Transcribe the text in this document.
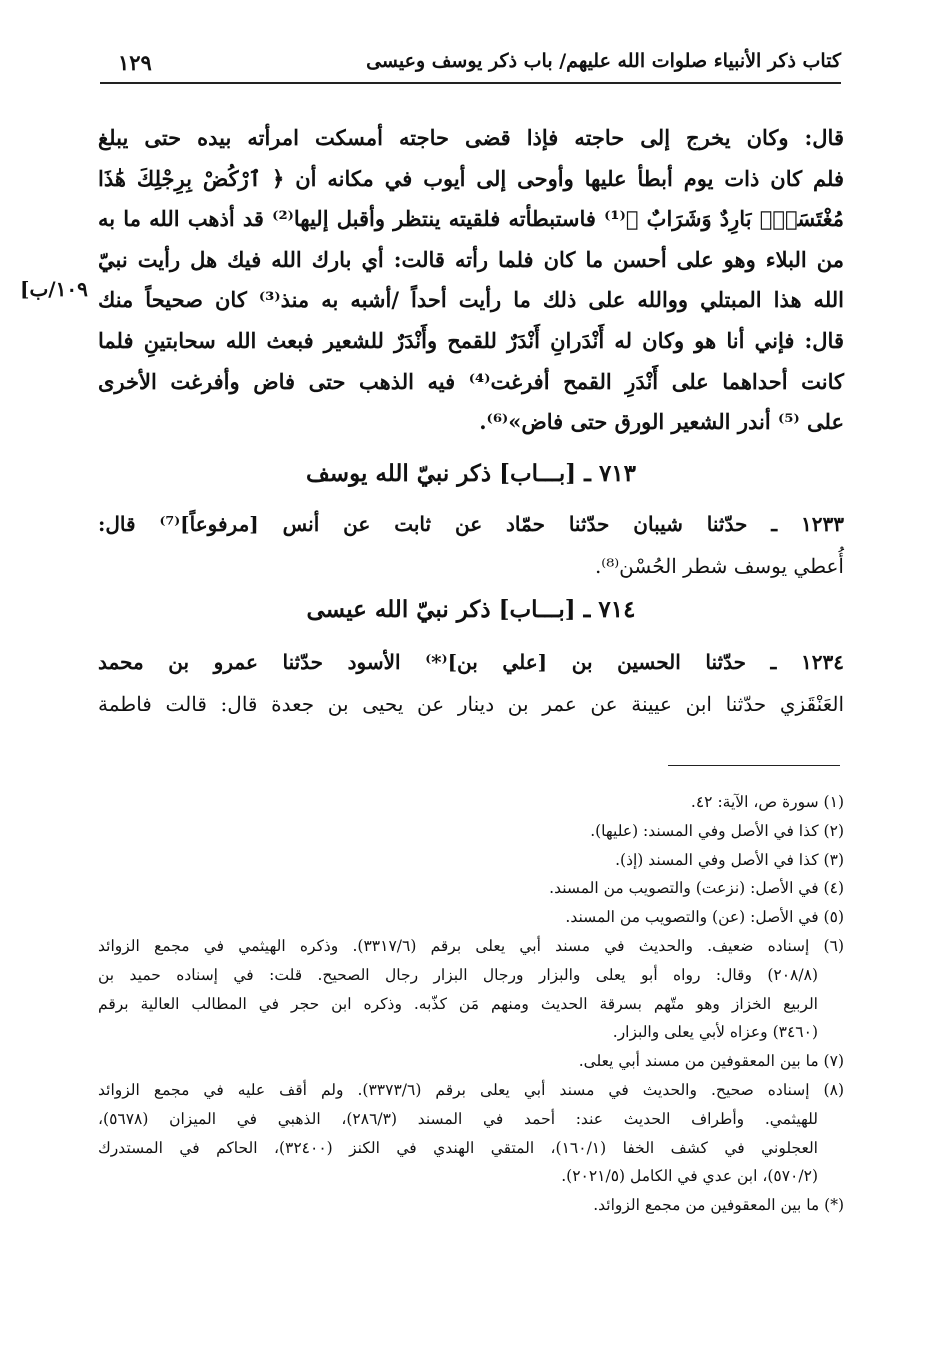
كتاب ذكر الأنبياء صلوات الله عليهم/ باب ذكر يوسف وعيسى
١٢٩
قال: وكان يخرج إلى حاجته فإذا قضى حاجته أمسكت امرأته بيده حتى يبلغ
فلم كان ذات يوم أبطأ عليها وأوحى إلى أيوب في مكانه أن ﴿ ٱرْكُضْ بِرِجْلِكَ هَٰذَا
مُغْتَسَلٌۢ بَارِدٌ وَشَرَابٌ ﴾⁽¹⁾ فاستبطأته فلقيته ينتظر وأقبل إليها⁽²⁾ قد أذهب الله ما به
من البلاء وهو على أحسن ما كان فلما رأته قالت: أي بارك الله فيك هل رأيت نبيّ
الله هذا المبتلي ووالله على ذلك ما رأيت أحداً /أشبه به منذ⁽³⁾ كان صحيحاً منك
قال: فإني أنا هو وكان له أَنْدَرانِ أَنْدَرٌ للقمح وأَنْدَرٌ للشعير فبعث الله سحابتينِ فلما
كانت أحداهما على أَنْدَرِ القمح أفرغت⁽⁴⁾ فيه الذهب حتى فاض وأفرغت الأخرى
على ⁽⁵⁾ أندر الشعير الورق حتى فاض»⁽⁶⁾.
[١٠٩/ب
٧١٣ ـ [بـــاب] ذكر نبيّ الله يوسف
١٢٣٣ ـ حدّثنا شيبان حدّثنا حمّاد عن ثابت عن أنس [مرفوعاً]⁽⁷⁾ قال:
أُعطي يوسف شطر الحُسْن⁽⁸⁾.
٧١٤ ـ [بـــاب] ذكر نبيّ الله عيسى
١٢٣٤ ـ حدّثنا الحسين بن [علي بن]⁽*⁾ الأسود حدّثنا عمرو بن محمد
العَنْقَزي حدّثنا ابن عيينة عن عمر بن دينار عن يحيى بن جعدة قال: قالت فاطمة
(١) سورة ص، الآية: ٤٢.
(٢) كذا في الأصل وفي المسند: (عليها).
(٣) كذا في الأصل وفي المسند (إذ).
(٤) في الأصل: (نزعت) والتصويب من المسند.
(٥) في الأصل: (عن) والتصويب من المسند.
(٦) إسناده ضعيف. والحديث في مسند أبي يعلى برقم (٣٣١٧/٦). وذكره الهيثمي في مجمع الزوائد
(٢٠٨/٨) وقال: رواه أبو يعلى والبزار ورجال البزار رجال الصحيح. قلت: في إسناده حميد بن
الربيع الخزاز وهو متّهم بسرقة الحديث ومنهم مَن كذّبه. وذكره ابن حجر في المطالب العالية برقم
(٣٤٦٠) وعزاه لأبي يعلى والبزار.
(٧) ما بين المعقوفين من مسند أبي يعلى.
(٨) إسناده صحيح. والحديث في مسند أبي يعلى برقم (٣٣٧٣/٦). ولم أقف عليه في مجمع الزوائد
للهيثمي. وأطراف الحديث عند: أحمد في المسند (٢٨٦/٣)، الذهبي في الميزان (٥٦٧٨)،
العجلوني في كشف الخفا (١٦٠/١)، المتقي الهندي في الكنز (٣٢٤٠٠)، الحاكم في المستدرك
(٥٧٠/٢)، ابن عدي في الكامل (٢٠٢١/٥).
(*) ما بين المعقوفين من مجمع الزوائد.
